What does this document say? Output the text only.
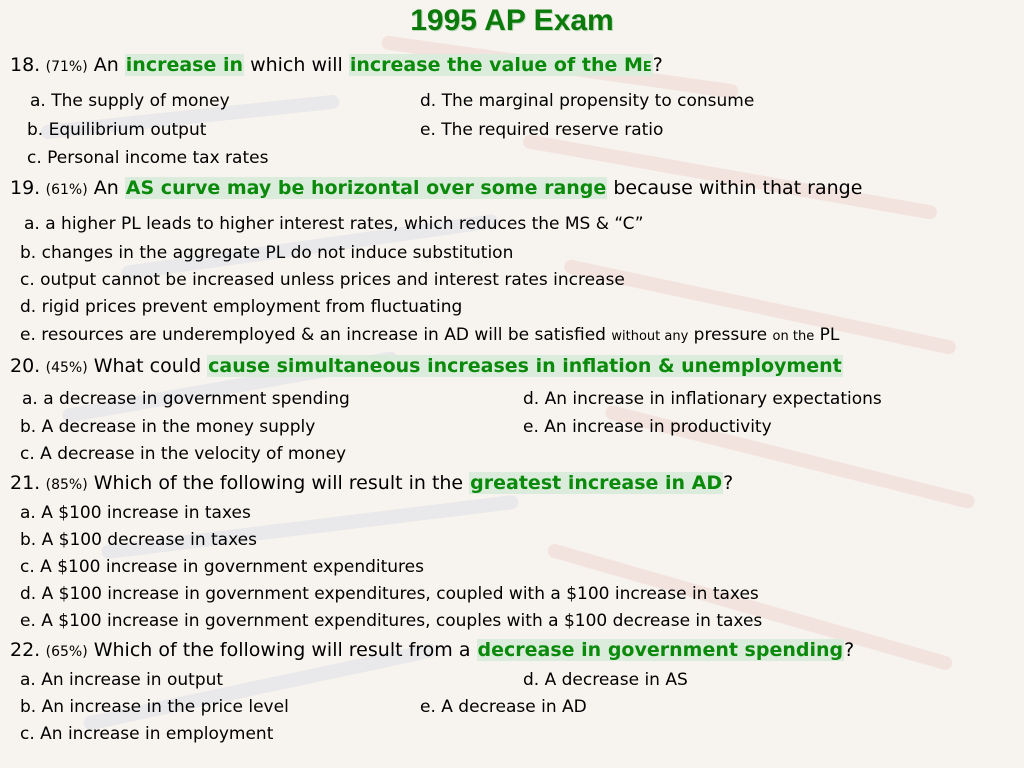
1995 AP Exam
18. (71%) An increase in which will increase the value of the ME?
a. The supply of money	d. The marginal propensity to consume
b. Equilibrium output	e. The required reserve ratio
c. Personal income tax rates
19. (61%) An AS curve may be horizontal over some range because within that range
a. a higher PL leads to higher interest rates, which reduces the MS & “C”
b. changes in the aggregate PL do not induce substitution
c. output cannot be increased unless prices and interest rates increase
d. rigid prices prevent employment from fluctuating
e. resources are underemployed & an increase in AD will be satisfied without any pressure on the PL
20. (45%) What could cause simultaneous increases in inflation & unemployment
a. a decrease in government spending	d. An increase in inflationary expectations
b. A decrease in the money supply	e. An increase in productivity
c. A decrease in the velocity of money
21. (85%) Which of the following will result in the greatest increase in AD?
a. A $100 increase in taxes
b. A $100 decrease in taxes
c. A $100 increase in government expenditures
d. A $100 increase in government expenditures, coupled with a $100 increase in taxes
e. A $100 increase in government expenditures, couples with a $100 decrease in taxes
22. (65%) Which of the following will result from a decrease in government spending?
a. An increase in output	d. A decrease in AS
b. An increase in the price level	e. A decrease in AD
c. An increase in employment
